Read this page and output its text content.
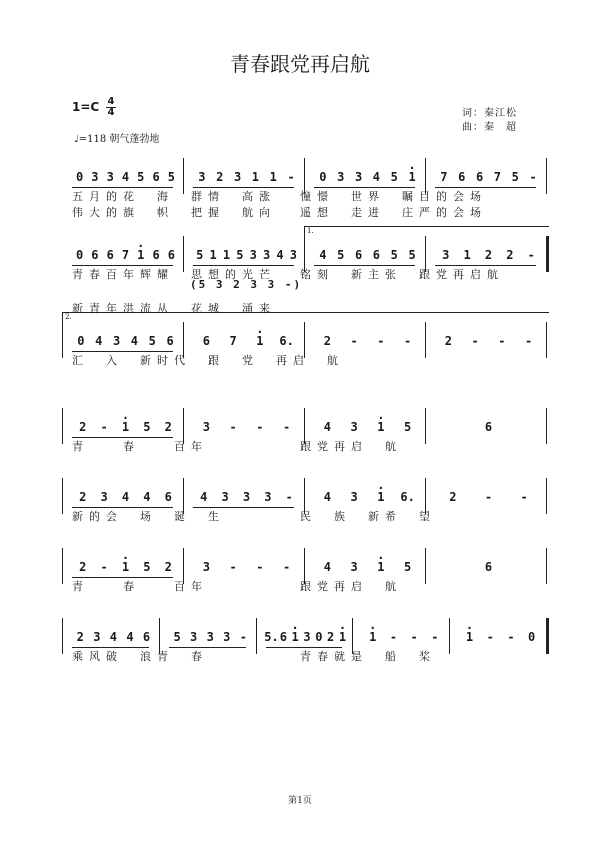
青春跟党再启航
1=C 4
4
♩=118 朝气蓬勃地
词：秦江松
曲：秦　超
0 3 3 4 5 6 5 3 2 3 1 1 - 0 3 3 4 5 · 1 7 6 6 7 5 -
五月的花　海　群情　高涨 憧憬　世界　瞩目的会场
伟大的旗　帜　把握　航向 遥想　走进　庄严的会场
0 6 6 7 · 1 6 6 5 1 1 5 3 3 4 3 4 5 6 6 5 5 3 1 2 2 -
1.
青春百年辉耀　思想的光芒 铭刻　新主张　跟党再启航
新青年洪流从　花城　涌来
(5 3 2 3 3 -)
0 4 3 4 5 6 6 7 · 1 6. 2 - - -	2 - - -
2.
汇　入　新时代　跟　党　再启　航
2 - · 1 5 2	3 - - -	4 3 · 1 5	6
青　　春　　百年	跟党再启　航
2 3 4 4 6 4 3 3 3 -	4 3 · 1 6.	2 - -
新的会　场　诞　生	民　族　新希　望
2 - · 1 5 2	3 - - -	4 3 · 1 5	6
青　　春　　百年	跟党再启　航
2 3 4 4 6 5 3 3 3 - 5. 6 · 1 3 0 2 · 1 · 1 - - - · 1 - - 0
乘风破　浪青　春	青春就是　船　桨
第1页
